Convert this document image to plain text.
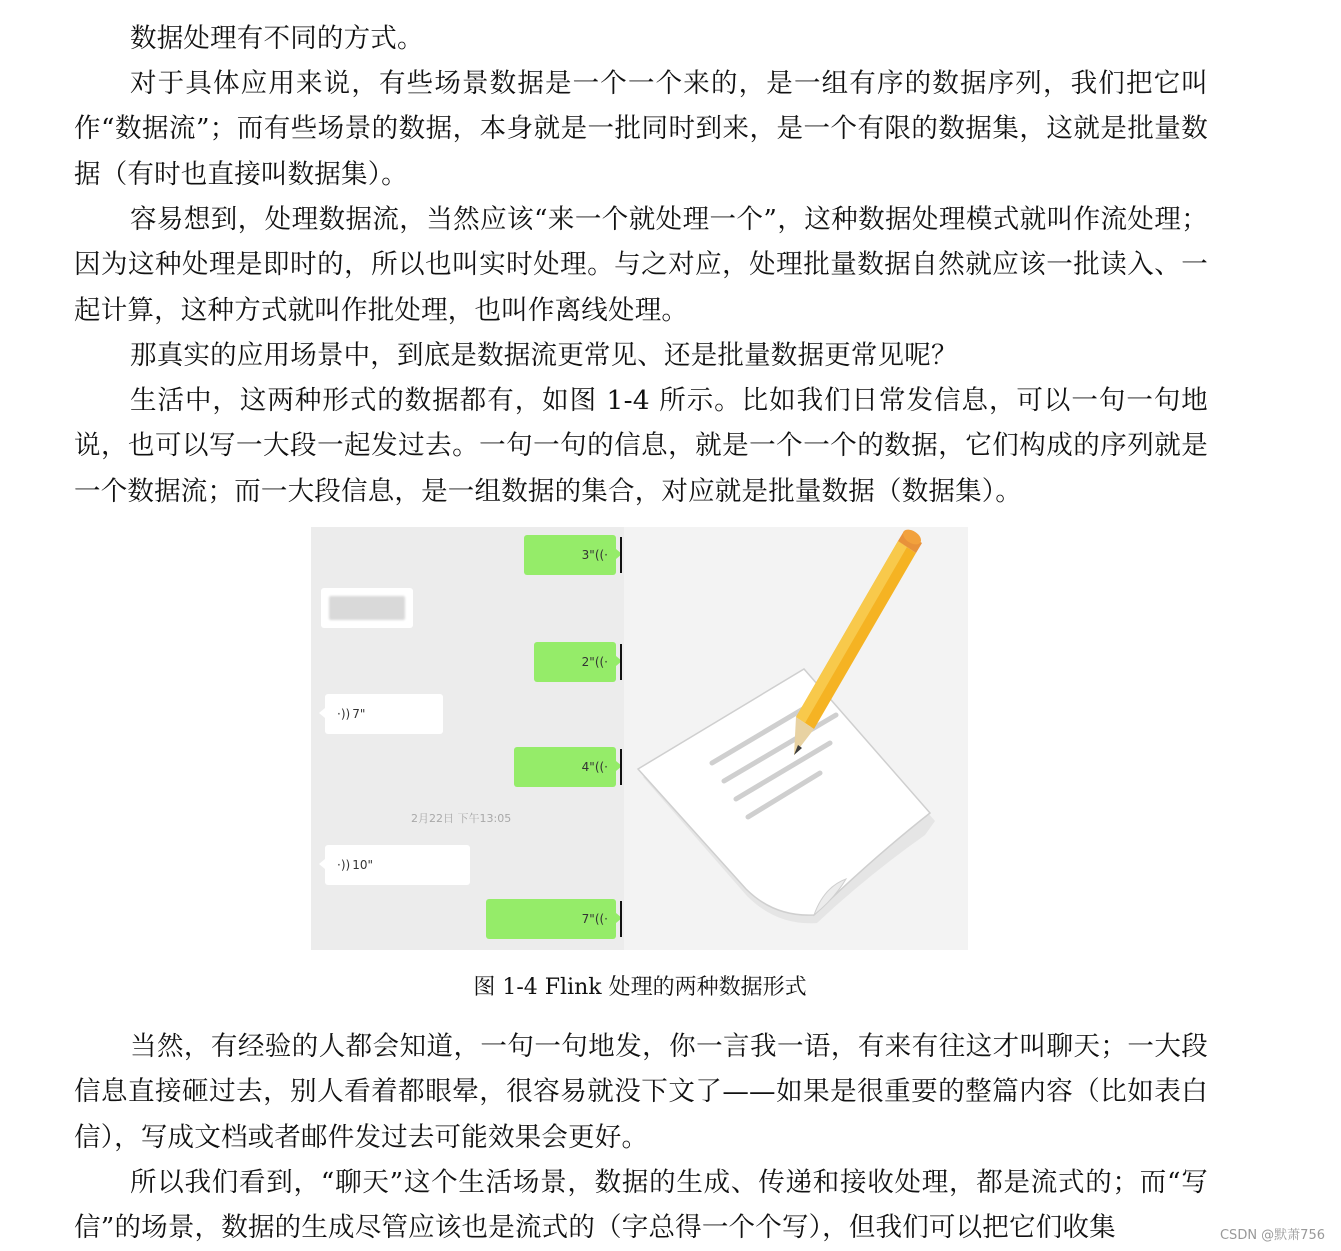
数据处理有不同的方式。

对于具体应用来说，有些场景数据是一个一个来的，是一组有序的数据序列，我们把它叫作“数据流”；而有些场景的数据，本身就是一批同时到来，是一个有限的数据集，这就是批量数据（有时也直接叫数据集）。

容易想到，处理数据流，当然应该“来一个就处理一个”，这种数据处理模式就叫作流处理；因为这种处理是即时的，所以也叫实时处理。与之对应，处理批量数据自然就应该一批读入、一起计算，这种方式就叫作批处理，也叫作离线处理。

那真实的应用场景中，到底是数据流更常见、还是批量数据更常见呢？

生活中，这两种形式的数据都有，如图 1-4 所示。比如我们日常发信息，可以一句一句地说，也可以写一大段一起发过去。一句一句的信息，就是一个一个的数据，它们构成的序列就是一个数据流；而一大段信息，是一组数据的集合，对应就是批量数据（数据集）。

3" ((·
2" ((·
·)) 7"
4" ((·
2月22日 下午13:05
·)) 10"
7" ((·
图 1-4 Flink 处理的两种数据形式

当然，有经验的人都会知道，一句一句地发，你一言我一语，有来有往这才叫聊天；一大段信息直接砸过去，别人看着都眼晕，很容易就没下文了——如果是很重要的整篇内容（比如表白信），写成文档或者邮件发过去可能效果会更好。

所以我们看到，“聊天”这个生活场景，数据的生成、传递和接收处理，都是流式的；而“写信”的场景，数据的生成尽管应该也是流式的（字总得一个个写），但我们可以把它们收集	CSDN @默萧756
